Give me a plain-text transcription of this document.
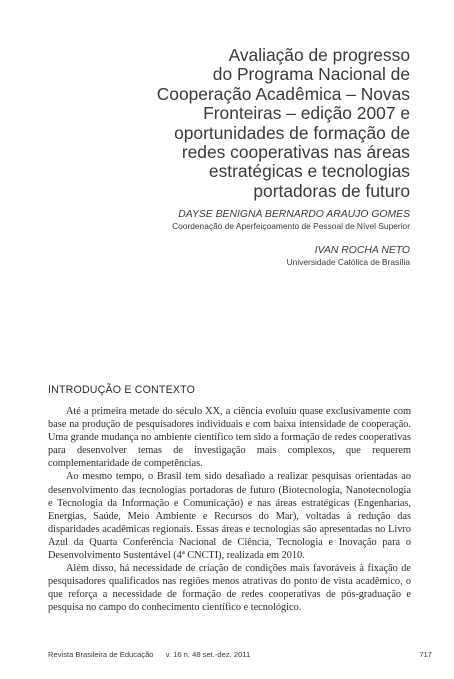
Avaliação de progresso
do Programa Nacional de
Cooperação Acadêmica – Novas
Fronteiras – edição 2007 e
oportunidades de formação de
redes cooperativas nas áreas
estratégicas e tecnologias
portadoras de futuro
DAYSE BENIGNA BERNARDO ARAUJO GOMES
Coordenação de Aperfeiçoamento de Pessoal de Nível Superior
IVAN ROCHA NETO
Universidade Católica de Brasília
INTRODUÇÃO E CONTEXTO

Até a primeira metade do século XX, a ciência evoluiu quase exclusivamente com base na produção de pesquisadores individuais e com baixa intensidade de cooperação. Uma grande mudança no ambiente científico tem sido a formação de redes cooperativas para desenvolver temas de investigação mais complexos, que requerem complementaridade de competências.

Ao mesmo tempo, o Brasil tem sido desafiado a realizar pesquisas orientadas ao desenvolvimento das tecnologias portadoras de futuro (Biotecnologia, Nanotecnologia e Tecnologia da Informação e Comunicação) e nas áreas estratégicas (Engenharias, Energias, Saúde, Meio Ambiente e Recursos do Mar), voltadas à redução das disparidades acadêmicas regionais. Essas áreas e tecnologias são apresentadas no Livro Azul da Quarta Conferência Nacional de Ciência, Tecnologia e Inovação para o Desenvolvimento Sustentável (4ª CNCTI), realizada em 2010.

Além disso, há necessidade de criação de condições mais favoráveis à fixação de pesquisadores qualificados nas regiões menos atrativas do ponto de vista acadêmico, o que reforça a necessidade de formação de redes cooperativas de pós-graduação e pesquisa no campo do conhecimento científico e tecnológico.

Revista Brasileira de Educação v. 16 n. 48 set.-dez. 2011	717
